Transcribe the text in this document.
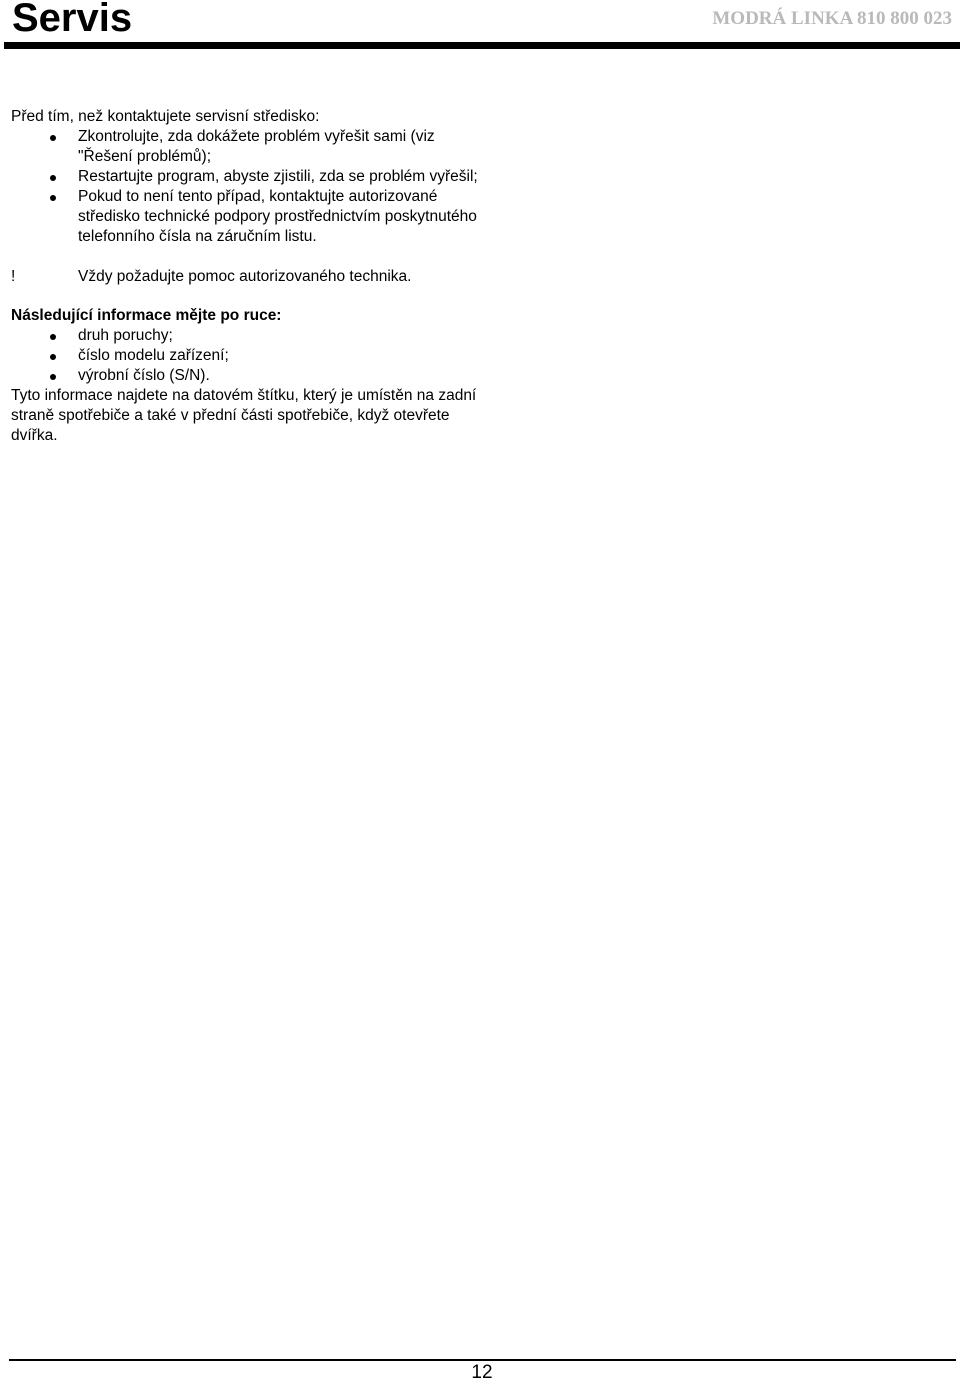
Servis	MODRÁ LINKA 810 800 023

Před tím, než kontaktujete servisní středisko:

Zkontrolujte, zda dokážete problém vyřešit sami (viz "Řešení problémů);
Restartujte program, abyste zjistili, zda se problém vyřešil;
Pokud to není tento případ, kontaktujte autorizované středisko technické podpory prostřednictvím poskytnutého telefonního čísla na záručním listu.
!	Vždy požadujte pomoc autorizovaného technika.
Následující informace mějte po ruce:
druh poruchy;
číslo modelu zařízení;
výrobní číslo (S/N).

Tyto informace najdete na datovém štítku, který je umístěn na zadní straně spotřebiče a také v přední části spotřebiče, když otevřete dvířka.

12
